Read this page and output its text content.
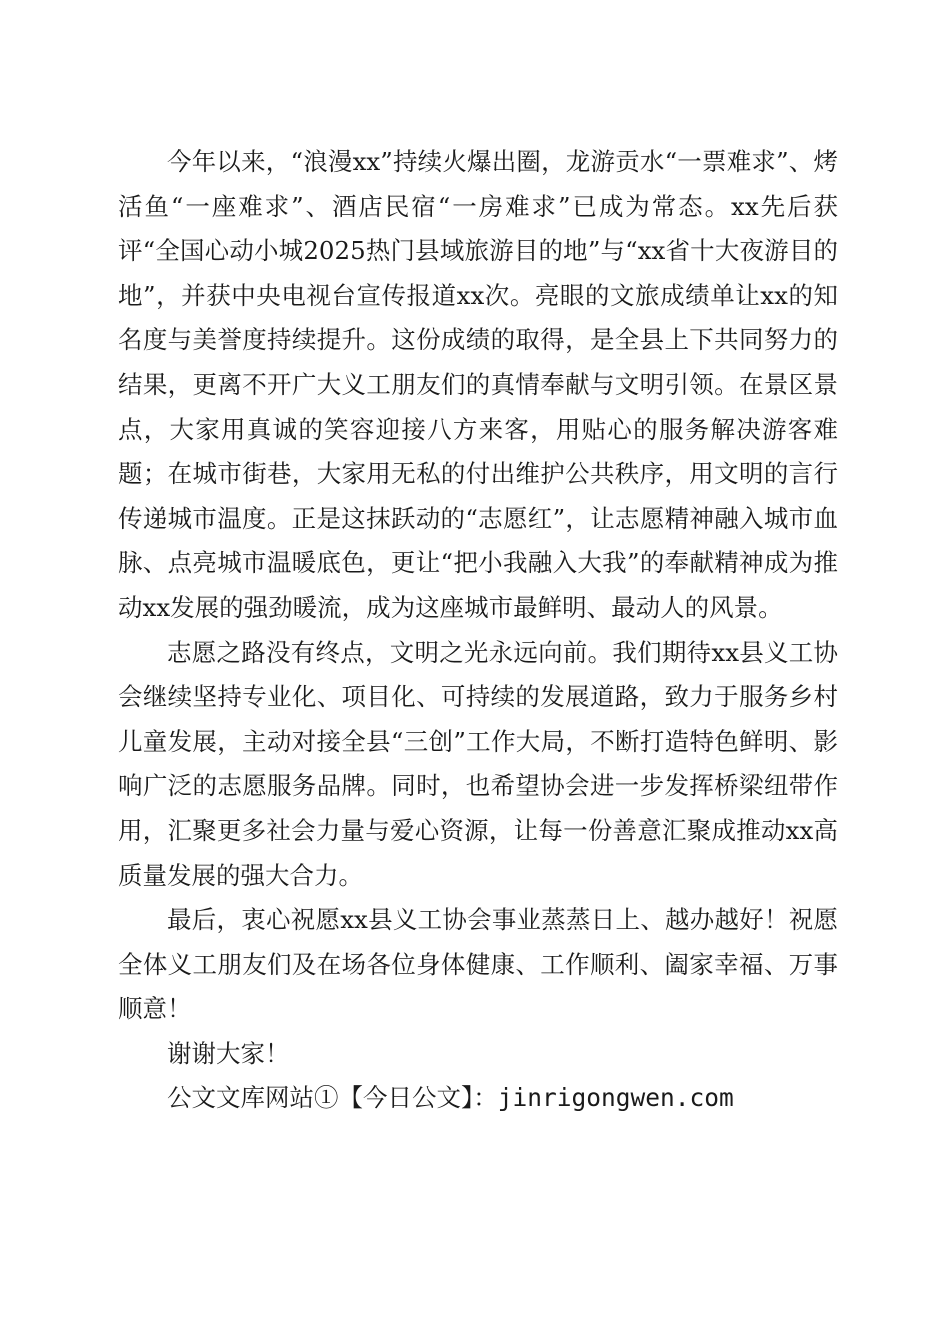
今年以来，“浪漫xx”持续火爆出圈，龙游贡水“一票难求”、烤活鱼“一座难求”、酒店民宿“一房难求”已成为常态。xx先后获评“全国心动小城2025热门县域旅游目的地”与“xx省十大夜游目的地”，并获中央电视台宣传报道xx次。亮眼的文旅成绩单让xx的知名度与美誉度持续提升。这份成绩的取得，是全县上下共同努力的结果，更离不开广大义工朋友们的真情奉献与文明引领。在景区景点，大家用真诚的笑容迎接八方来客，用贴心的服务解决游客难题；在城市街巷，大家用无私的付出维护公共秩序，用文明的言行传递城市温度。正是这抹跃动的“志愿红”，让志愿精神融入城市血脉、点亮城市温暖底色，更让“把小我融入大我”的奉献精神成为推动xx发展的强劲暖流，成为这座城市最鲜明、最动人的风景。

志愿之路没有终点，文明之光永远向前。我们期待xx县义工协会继续坚持专业化、项目化、可持续的发展道路，致力于服务乡村儿童发展，主动对接全县“三创”工作大局，不断打造特色鲜明、影响广泛的志愿服务品牌。同时，也希望协会进一步发挥桥梁纽带作用，汇聚更多社会力量与爱心资源，让每一份善意汇聚成推动xx高质量发展的强大合力。

最后，衷心祝愿xx县义工协会事业蒸蒸日上、越办越好！祝愿全体义工朋友们及在场各位身体健康、工作顺利、阖家幸福、万事顺意！

谢谢大家！

公文文库网站①【今日公文】：jinrigongwen.com
